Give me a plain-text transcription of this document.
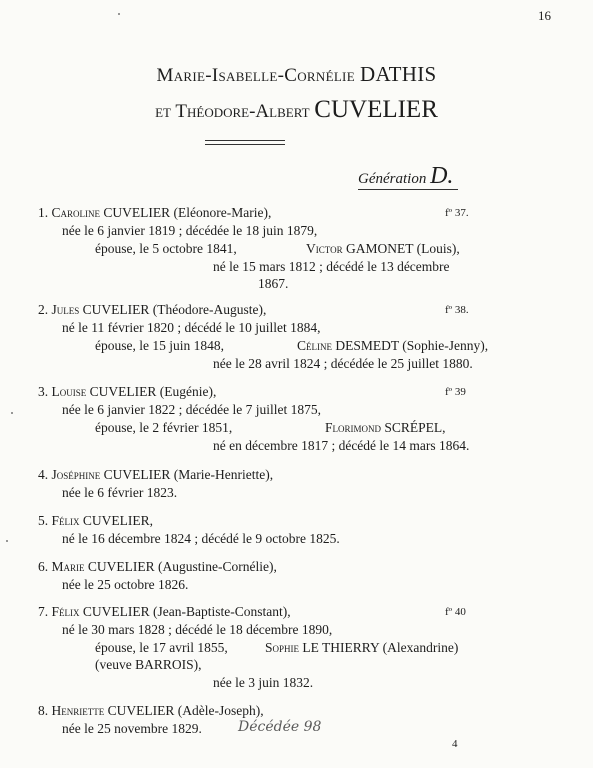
16
Marie-Isabelle-Cornélie DATHIS
et Théodore-Albert CUVELIER
Génération D.
1. Caroline CUVELIER (Eléonore-Marie),	fº 37.
née le 6 janvier 1819 ; décédée le 18 juin 1879,
épouse, le 5 octobre 1841,	Victor GAMONET (Louis),
né le 15 mars 1812 ; décédé le 13 décembre
1867.
2. Jules CUVELIER (Théodore-Auguste),	fº 38.
né le 11 février 1820 ; décédé le 10 juillet 1884,
épouse, le 15 juin 1848,	Céline DESMEDT (Sophie-Jenny),
née le 28 avril 1824 ; décédée le 25 juillet 1880.
3. Louise CUVELIER (Eugénie),	fº 39
née le 6 janvier 1822 ; décédée le 7 juillet 1875,
épouse, le 2 février 1851,	Florimond SCRÉPEL,
né en décembre 1817 ; décédé le 14 mars 1864.
4. Joséphine CUVELIER (Marie-Henriette),
née le 6 février 1823.
5. Félix CUVELIER,
né le 16 décembre 1824 ; décédé le 9 octobre 1825.
6. Marie CUVELIER (Augustine-Cornélie),
née le 25 octobre 1826.
7. Félix CUVELIER (Jean-Baptiste-Constant),	fº 40
né le 30 mars 1828 ; décédé le 18 décembre 1890,
épouse, le 17 avril 1855,	Sophie LE THIERRY (Alexandrine)
(veuve BARROIS),
née le 3 juin 1832.
8. Henriette CUVELIER (Adèle-Joseph),
née le 25 novembre 1829.	Décédée 98
4
